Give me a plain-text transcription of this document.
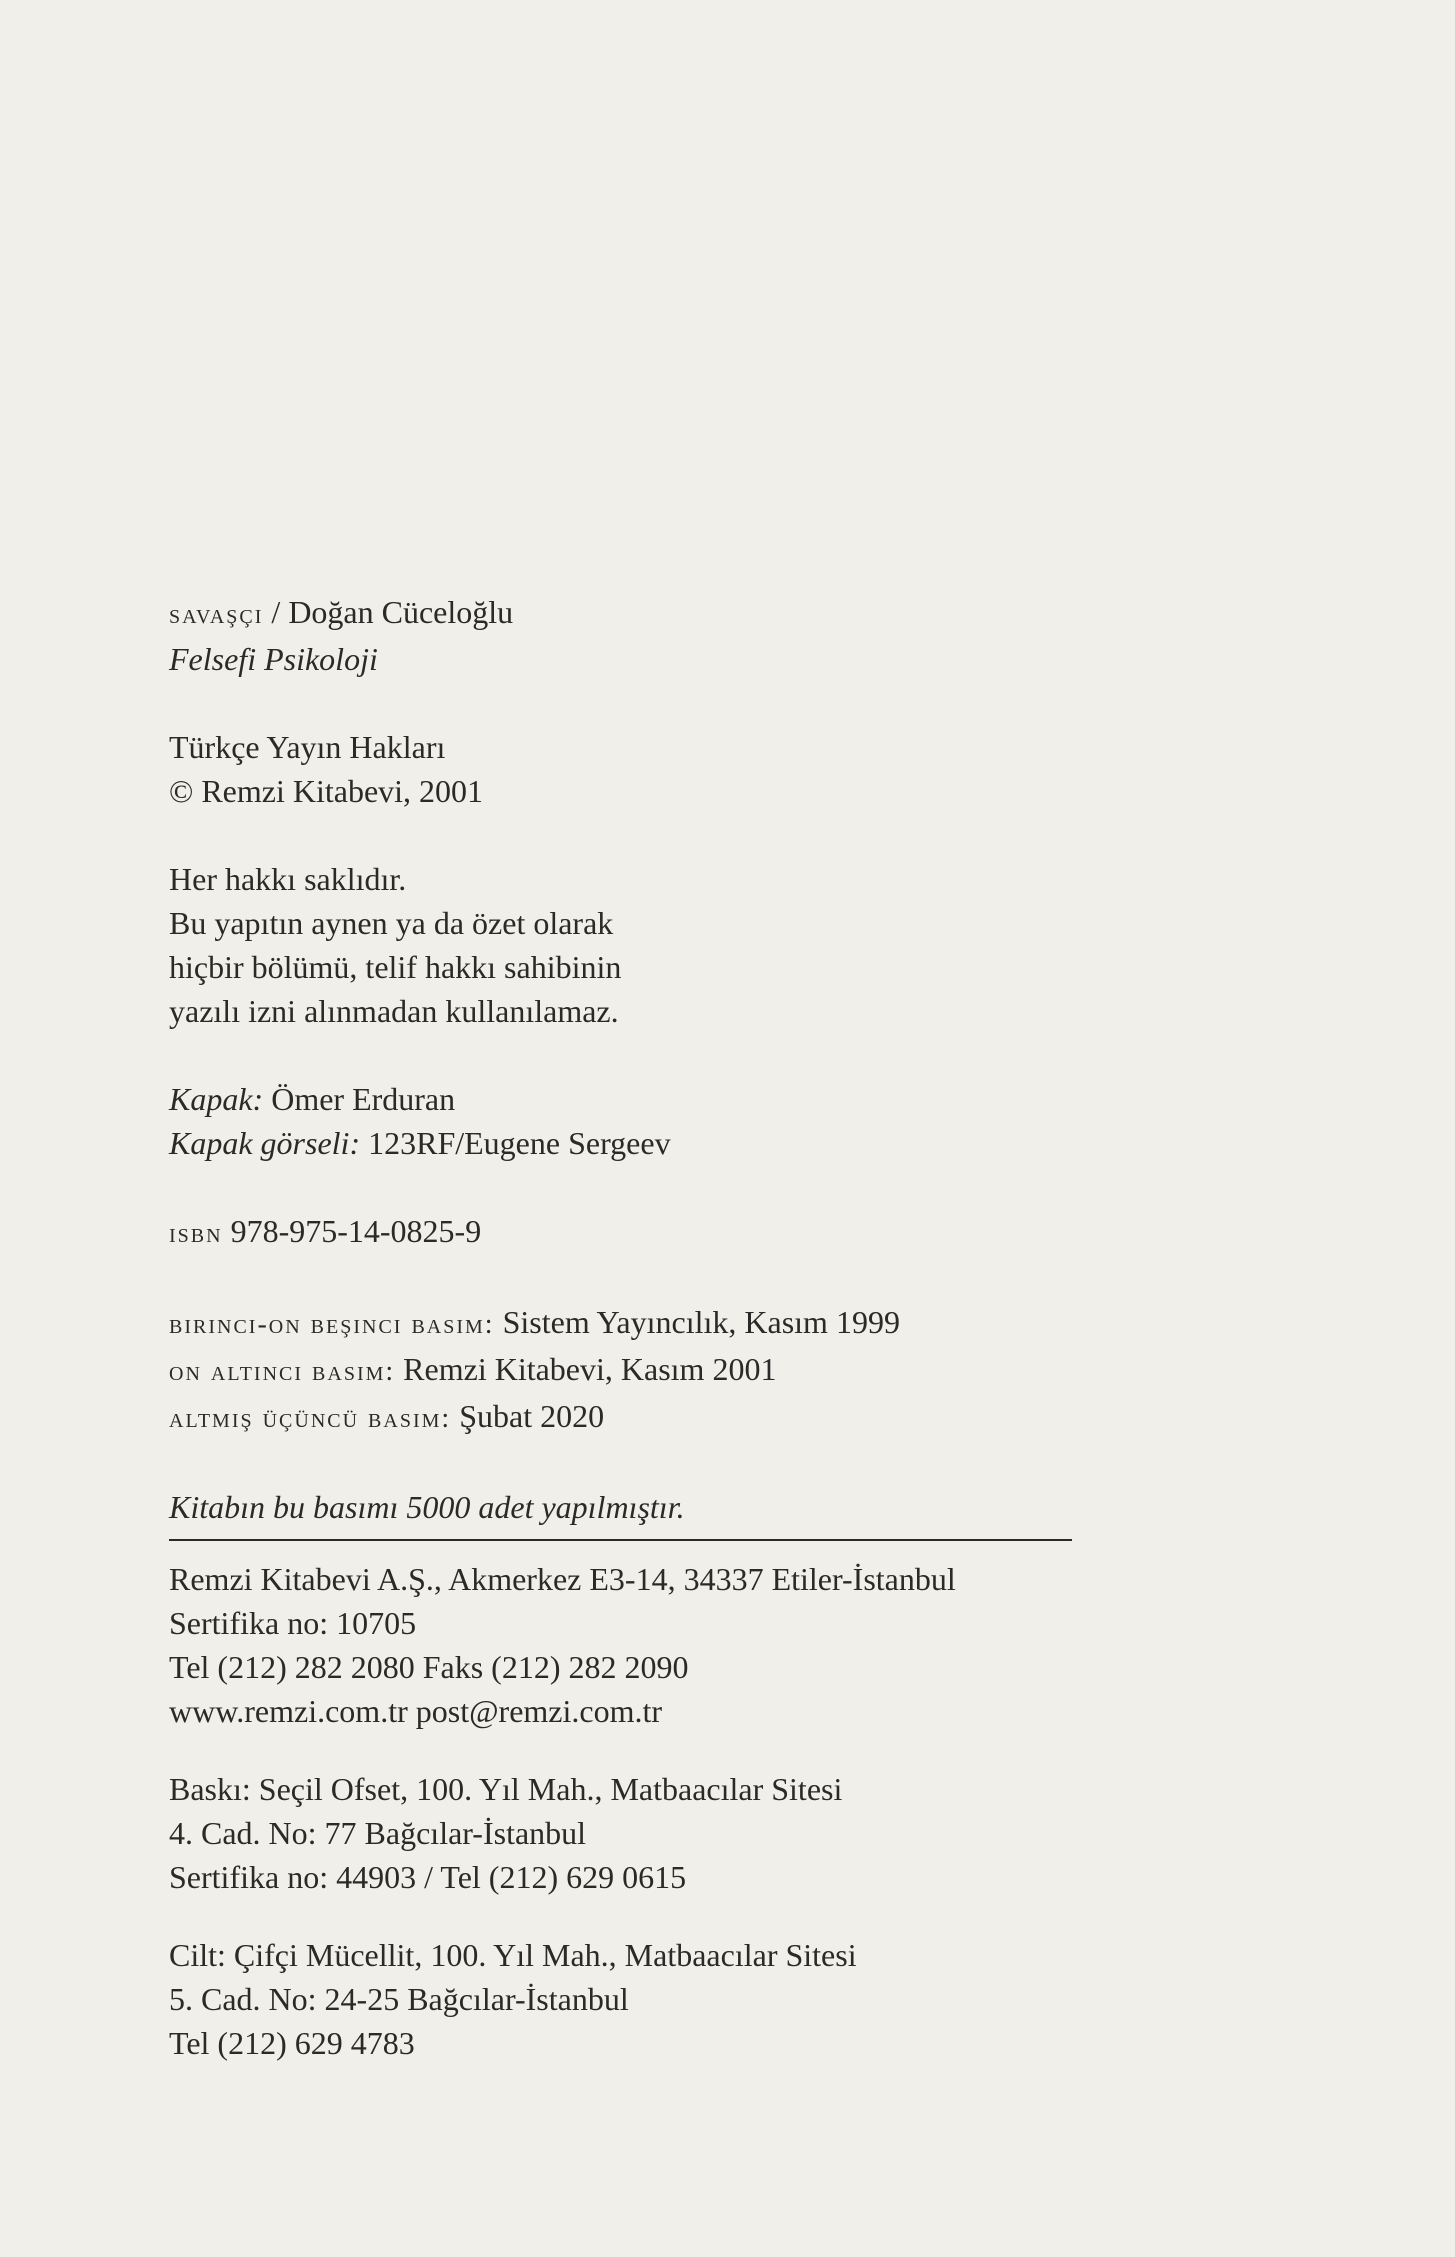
savaşçı / Doğan Cüceloğlu
Felsefi Psikoloji
Türkçe Yayın Hakları
© Remzi Kitabevi, 2001
Her hakkı saklıdır.
Bu yapıtın aynen ya da özet olarak
hiçbir bölümü, telif hakkı sahibinin
yazılı izni alınmadan kullanılamaz.
Kapak: Ömer Erduran
Kapak görseli: 123RF/Eugene Sergeev
isbn 978-975-14-0825-9
birinci-on beşinci basım: Sistem Yayıncılık, Kasım 1999
on altıncı basım: Remzi Kitabevi, Kasım 2001
altmış üçüncü basım: Şubat 2020
Kitabın bu basımı 5000 adet yapılmıştır.
Remzi Kitabevi A.Ş., Akmerkez E3-14, 34337 Etiler-İstanbul
Sertifika no: 10705
Tel (212) 282 2080 Faks (212) 282 2090
www.remzi.com.tr post@remzi.com.tr
Baskı: Seçil Ofset, 100. Yıl Mah., Matbaacılar Sitesi
4. Cad. No: 77 Bağcılar-İstanbul
Sertifika no: 44903 / Tel (212) 629 0615
Cilt: Çifçi Mücellit, 100. Yıl Mah., Matbaacılar Sitesi
5. Cad. No: 24-25 Bağcılar-İstanbul
Tel (212) 629 4783
